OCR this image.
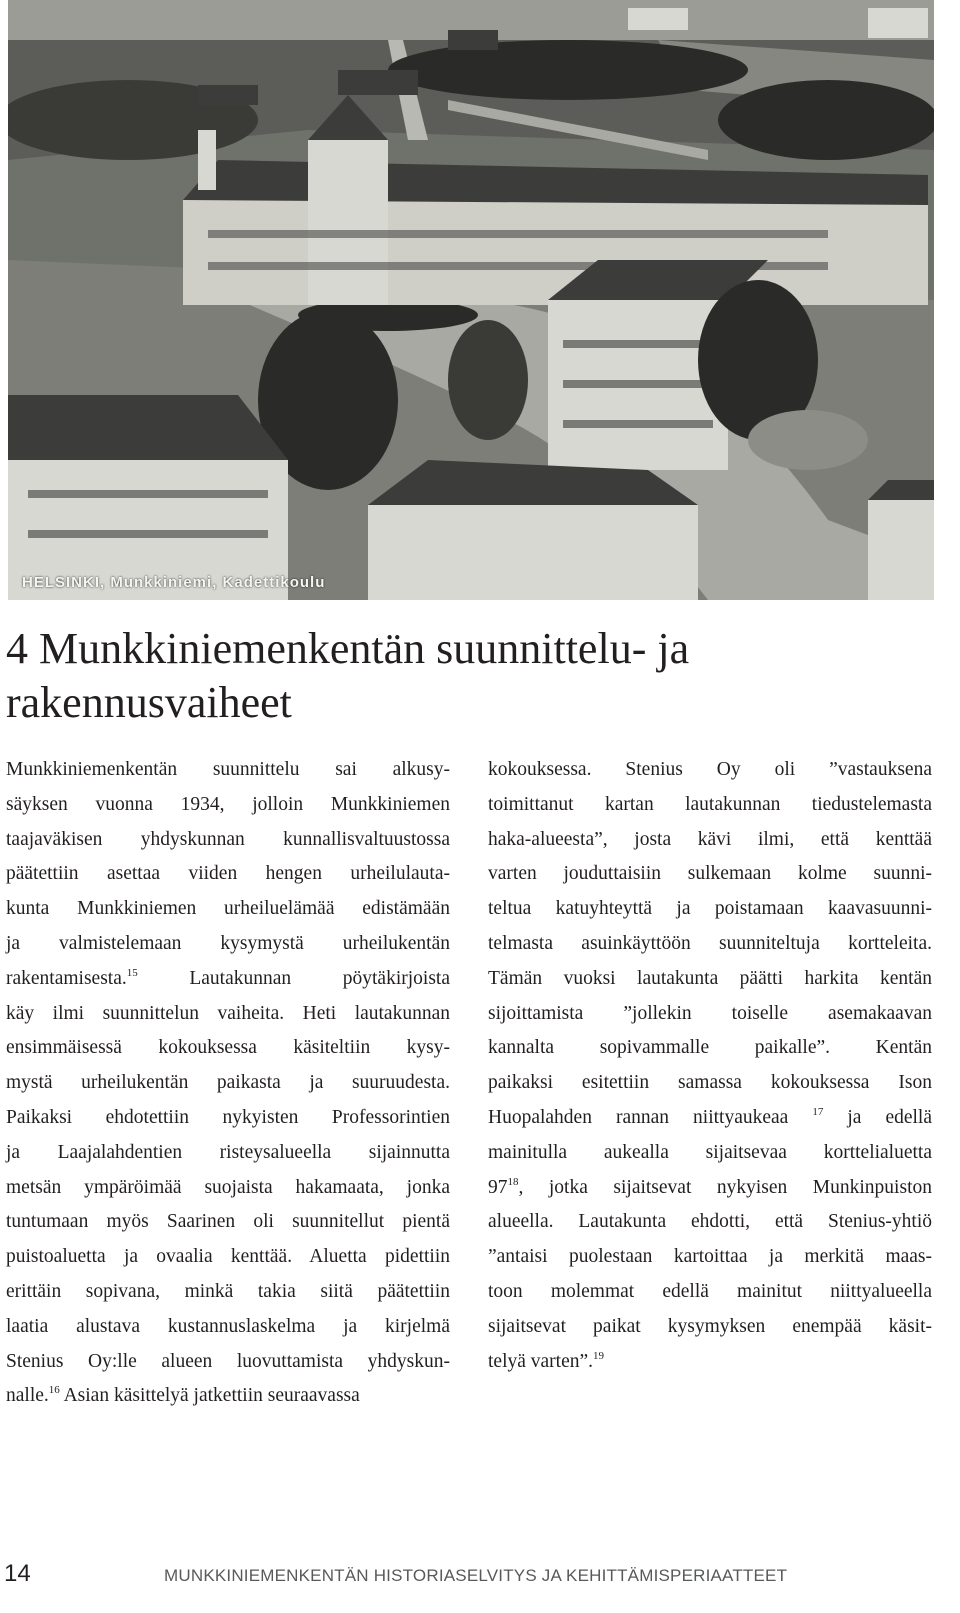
HELSINKI, Munkkiniemi, Kadettikoulu
4 Munkkiniemenkentän suunnittelu- ja
rakennusvaiheet

Munkkiniemenkentän suunnittelu sai alkusy-
säyksen vuonna 1934, jolloin Munkkiniemen
taajaväkisen yhdyskunnan kunnallisvaltuustossa
päätettiin asettaa viiden hengen urheilulauta-
kunta Munkkiniemen urheiluelämää edistämään
ja valmistelemaan kysymystä urheilukentän
rakentamisesta.$^{15}$ Lautakunnan pöytäkirjoista
käy ilmi suunnittelun vaiheita. Heti lautakunnan
ensimmäisessä kokouksessa käsiteltiin kysy-
mystä urheilukentän paikasta ja suuruudesta.
Paikaksi ehdotettiin nykyisten Professorintien
ja Laajalahdentien risteysalueella sijainnutta
metsän ympäröimää suojaista hakamaata, jonka
tuntumaan myös Saarinen oli suunnitellut pientä
puistoaluetta ja ovaalia kenttää. Aluetta pidettiin
erittäin sopivana, minkä takia siitä päätettiin
laatia alustava kustannuslaskelma ja kirjelmä
Stenius Oy:lle alueen luovuttamista yhdyskun-
nalle.$^{16}$ Asian käsittelyä jatkettiin seuraavassa

kokouksessa. Stenius Oy oli ”vastauksena
toimittanut kartan lautakunnan tiedustelemasta
haka-alueesta”, josta kävi ilmi, että kenttää
varten jouduttaisiin sulkemaan kolme suunni-
teltua katuyhteyttä ja poistamaan kaavasuunni-
telmasta asuinkäyttöön suunniteltuja kortteleita.
Tämän vuoksi lautakunta päätti harkita kentän
sijoittamista ”jollekin toiselle asemakaavan
kannalta sopivammalle paikalle”. Kentän
paikaksi esitettiin samassa kokouksessa Ison
Huopalahden rannan niittyaukeaa $^{17}$ ja edellä
mainitulla aukealla sijaitsevaa korttelialuetta
$97^{18}$, jotka sijaitsevat nykyisen Munkinpuiston
alueella. Lautakunta ehdotti, että Stenius-yhtiö
”antaisi puolestaan kartoittaa ja merkitä maas-
toon molemmat edellä mainitut niittyalueella
sijaitsevat paikat kysymyksen enempää käsit-
telyä varten”.$^{19}$

14	MUNKKINIEMENKENTÄN HISTORIASELVITYS JA KEHITTÄMISPERIAATTEET
